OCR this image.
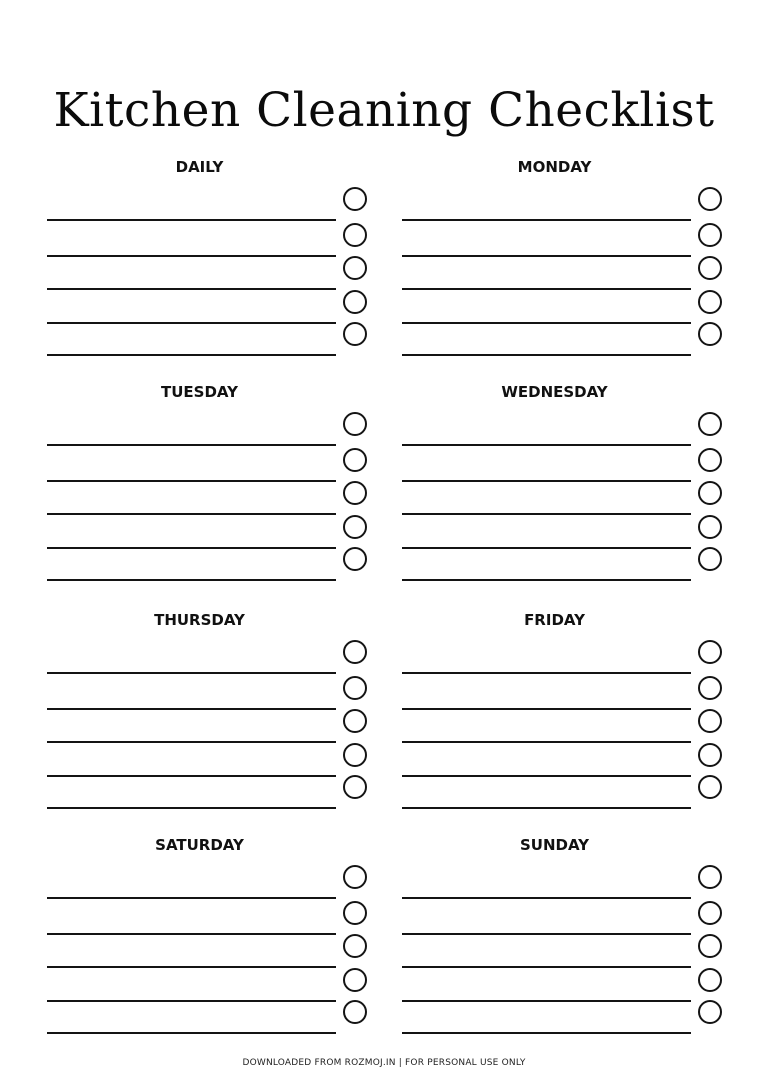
Kitchen Cleaning Checklist
DAILY	MONDAY
TUESDAY	WEDNESDAY
THURSDAY	FRIDAY
SATURDAY	SUNDAY
DOWNLOADED FROM ROZMOJ.IN | FOR PERSONAL USE ONLY
